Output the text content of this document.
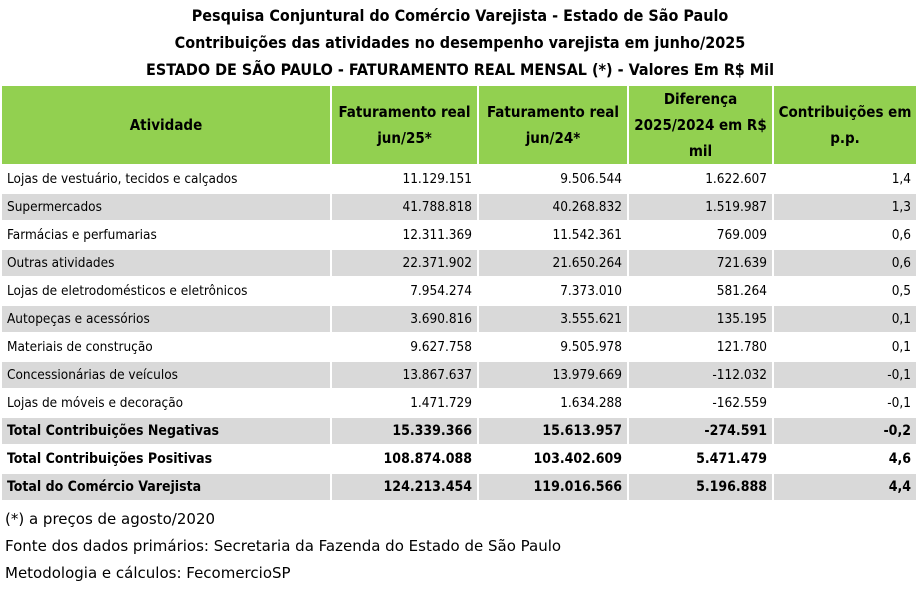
Pesquisa Conjuntural do Comércio Varejista - Estado de São Paulo
Contribuições das atividades no desempenho varejista em junho/2025
ESTADO DE SÃO PAULO - FATURAMENTO REAL MENSAL (*) - Valores Em R$ Mil
Atividade	Faturamento real jun/25*	Faturamento real jun/24*	Diferença 2025/2024 em R$ mil	Contribuições em p.p.
Lojas de vestuário, tecidos e calçados	11.129.151	9.506.544	1.622.607	1,4
Supermercados	41.788.818	40.268.832	1.519.987	1,3
Farmácias e perfumarias	12.311.369	11.542.361	769.009	0,6
Outras atividades	22.371.902	21.650.264	721.639	0,6
Lojas de eletrodomésticos e eletrônicos	7.954.274	7.373.010	581.264	0,5
Autopeças e acessórios	3.690.816	3.555.621	135.195	0,1
Materiais de construção	9.627.758	9.505.978	121.780	0,1
Concessionárias de veículos	13.867.637	13.979.669	-112.032	-0,1
Lojas de móveis e decoração	1.471.729	1.634.288	-162.559	-0,1
Total Contribuições Negativas	15.339.366	15.613.957	-274.591	-0,2
Total Contribuições Positivas	108.874.088	103.402.609	5.471.479	4,6
Total do Comércio Varejista	124.213.454	119.016.566	5.196.888	4,4
(*) a preços de agosto/2020
Fonte dos dados primários: Secretaria da Fazenda do Estado de São Paulo
Metodologia e cálculos: FecomercioSP
